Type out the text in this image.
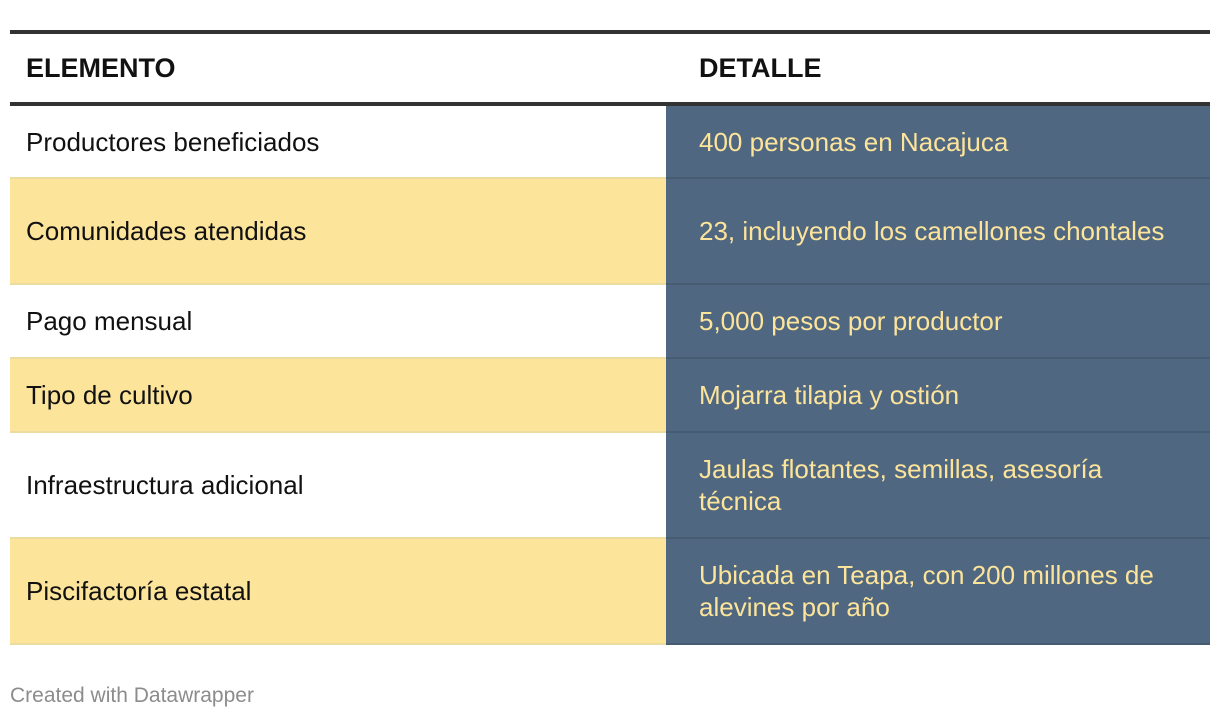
ELEMENTO	DETALLE
Productores beneficiados	400 personas en Nacajuca
Comunidades atendidas	23, incluyendo los camellones chontales
Pago mensual	5,000 pesos por productor
Tipo de cultivo	Mojarra tilapia y ostión
Infraestructura adicional	Jaulas flotantes, semillas, asesoría técnica
Piscifactoría estatal	Ubicada en Teapa, con 200 millones de alevines por año
Created with Datawrapper
